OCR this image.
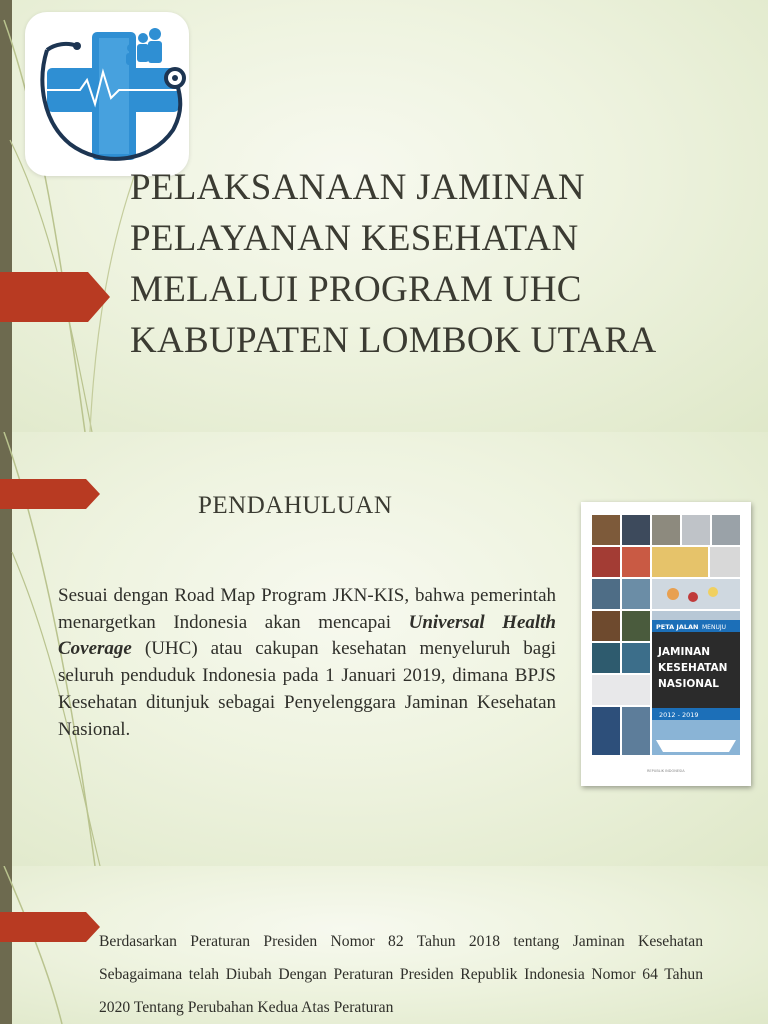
PELAKSANAAN JAMINAN
PELAYANAN KESEHATAN
MELALUI PROGRAM UHC
KABUPATEN LOMBOK UTARA
PENDAHULUAN

Sesuai dengan Road Map Program JKN-KIS, bahwa pemerintah menargetkan Indonesia akan mencapai Universal Health Coverage (UHC) atau cakupan kesehatan menyeluruh bagi seluruh penduduk Indonesia pada 1 Januari 2019, dimana BPJS Kesehatan ditunjuk sebagai Penyelenggara Jaminan Kesehatan Nasional.

PETA JALAN MENUJU
JAMINAN
KESEHATAN
NASIONAL
2012 - 2019
REPUBLIK INDONESIA

Berdasarkan Peraturan Presiden Nomor 82 Tahun 2018 tentang Jaminan Kesehatan Sebagaimana telah Diubah Dengan Peraturan Presiden Republik Indonesia Nomor 64 Tahun 2020 Tentang Perubahan Kedua Atas Peraturan
